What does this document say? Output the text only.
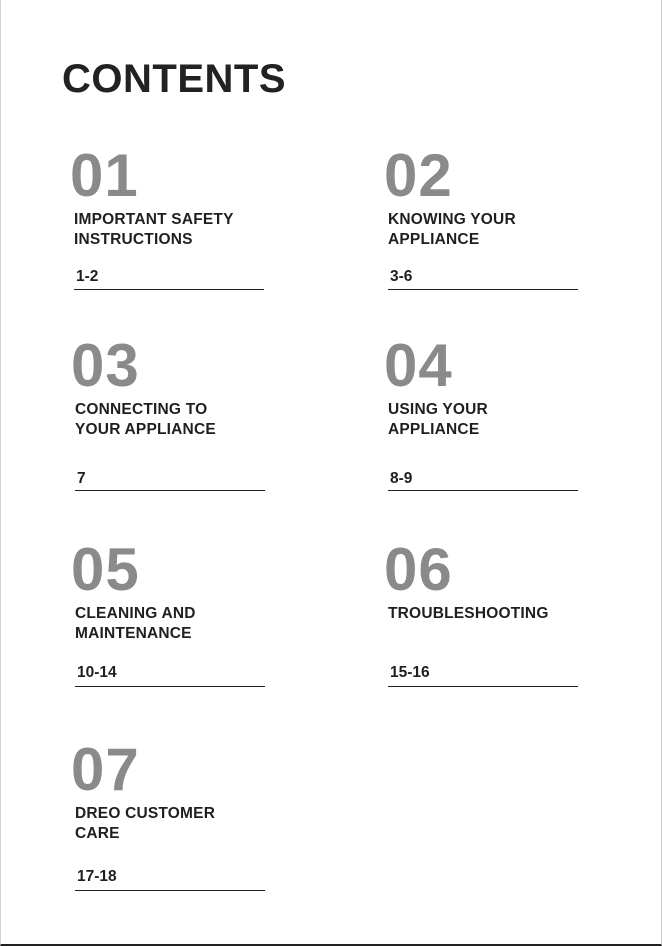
CONTENTS
01
IMPORTANT SAFETY INSTRUCTIONS
1-2
02
KNOWING YOUR APPLIANCE
3-6
03
CONNECTING TO YOUR APPLIANCE
7
04
USING YOUR APPLIANCE
8-9
05
CLEANING AND MAINTENANCE
10-14
06
TROUBLESHOOTING
15-16
07
DREO CUSTOMER CARE
17-18
